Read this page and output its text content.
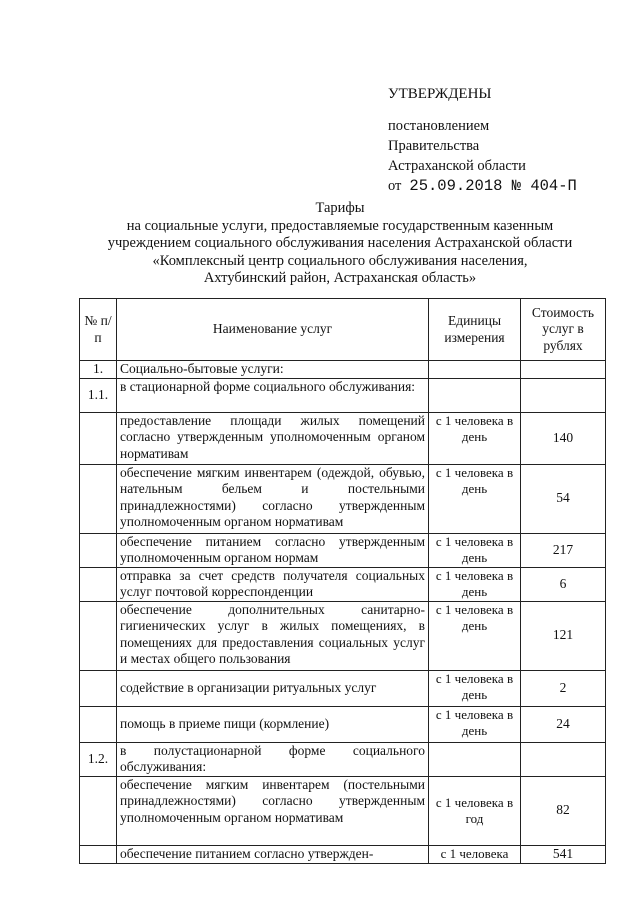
УТВЕРЖДЕНЫ
постановлением
Правительства
Астраханской области
от 25.09.2018 № 404-П
Тарифы
на социальные услуги, предоставляемые государственным казенным
учреждением социального обслуживания населения Астраханской области
«Комплексный центр социального обслуживания населения,
Ахтубинский район, Астраханская область»
№ п/п	Наименование услуг	Единицы измерения	Стоимость услуг в рублях
1.	Социально-бытовые услуги:		
1.1.	в стационарной форме социального обслуживания:		
	предоставление площади жилых помещений согласно утвержденным уполномоченным органом нормативам	с 1 человека в день	140
	обеспечение мягким инвентарем (одеждой, обувью, нательным бельем и постельными принадлежностями) согласно утвержденным уполномоченным органом нормативам	с 1 человека в день	54
	обеспечение питанием согласно утвержденным уполномоченным органом нормам	с 1 человека в день	217
	отправка за счет средств получателя социальных услуг почтовой корреспонденции	с 1 человека в день	6
	обеспечение дополнительных санитарно-гигиенических услуг в жилых помещениях, в помещениях для предоставления социальных услуг и местах общего пользования	с 1 человека в день	121
	содействие в организации ритуальных услуг	с 1 человека в день	2
	помощь в приеме пищи (кормление)	с 1 человека в день	24
1.2.	в полустационарной форме социального обслуживания:		
	обеспечение мягким инвентарем (постельными принадлежностями) согласно утвержденным уполномоченным органом нормативам	с 1 человека в год	82
	обеспечение питанием согласно утвержден-	с 1 человека	541
